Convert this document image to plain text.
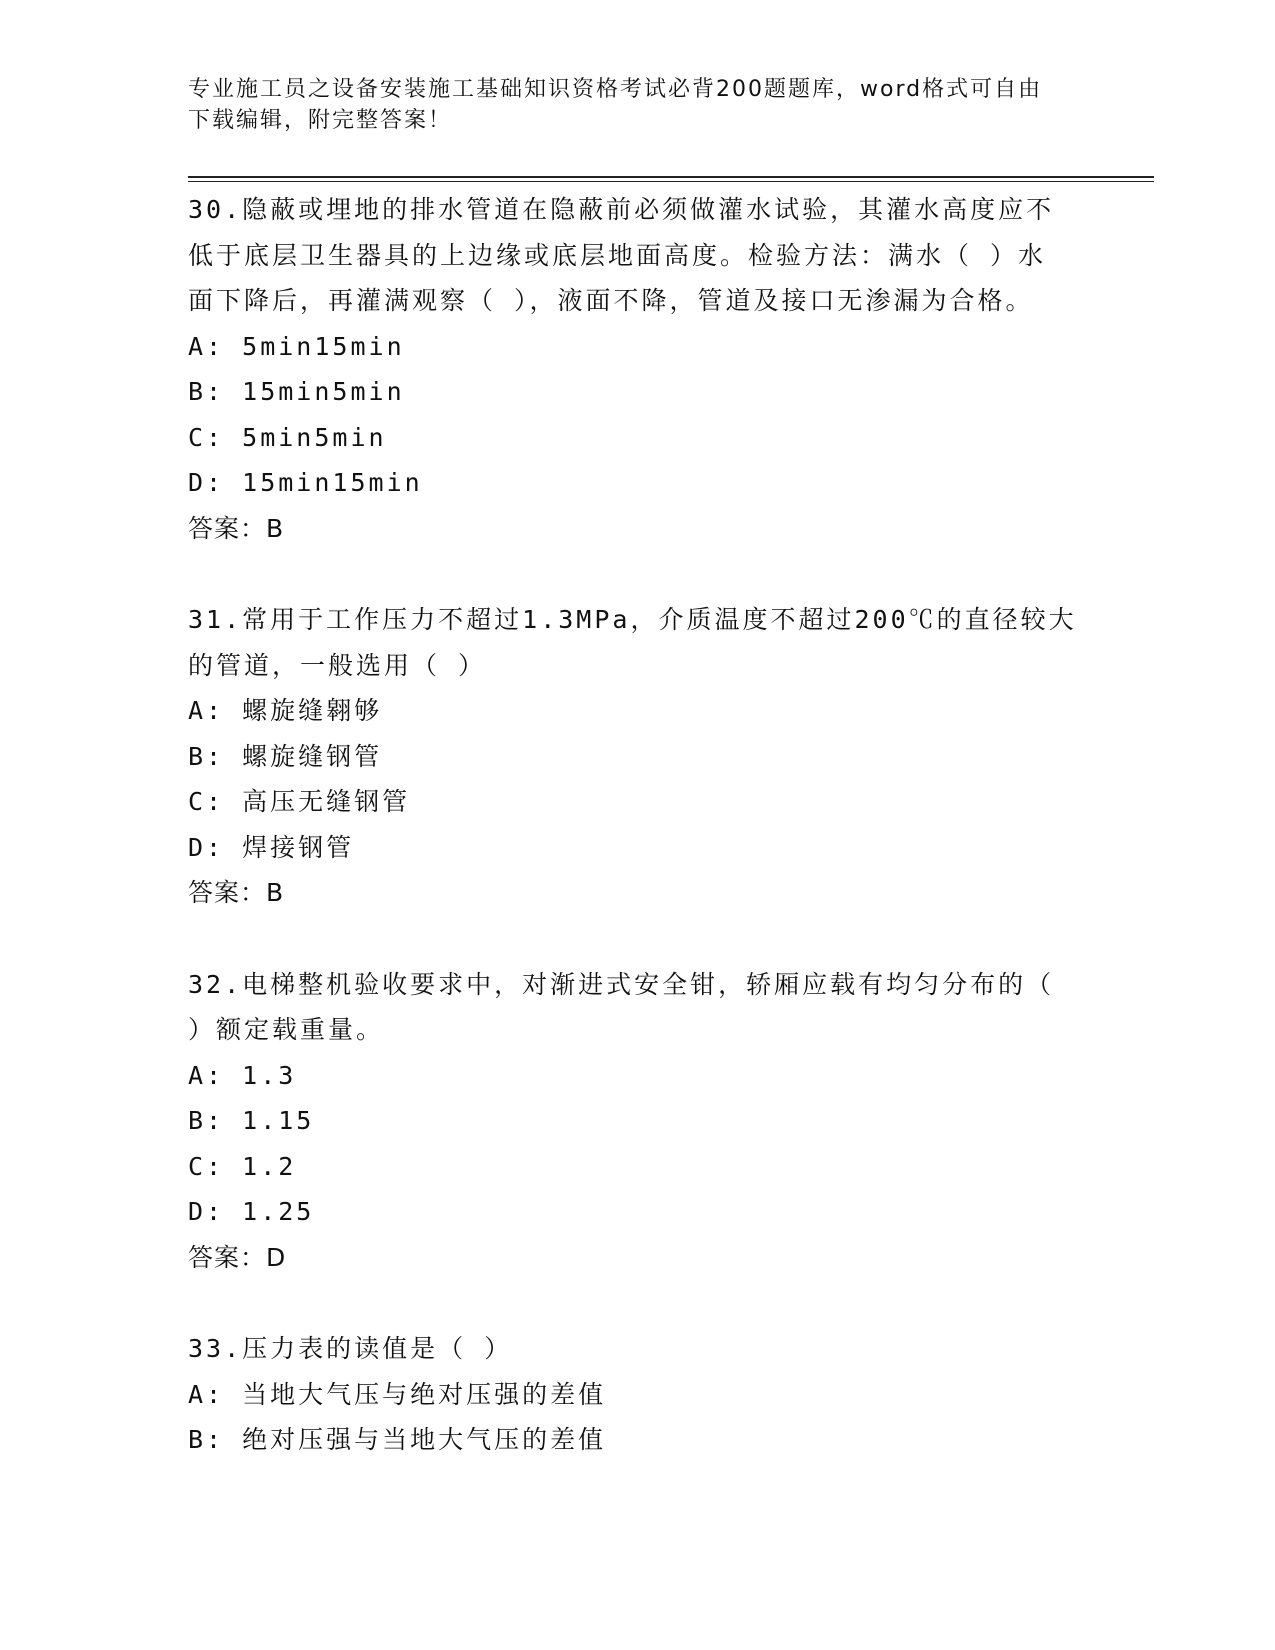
专业施工员之设备安装施工基础知识资格考试必背200题题库，word格式可自由
下载编辑，附完整答案！
30.隐蔽或埋地的排水管道在隐蔽前必须做灌水试验，其灌水高度应不
低于底层卫生器具的上边缘或底层地面高度。检验方法：满水（ ）水
面下降后，再灌满观察（ ），液面不降，管道及接口无渗漏为合格。
A: 5min15min
B: 15min5min
C: 5min5min
D: 15min15min
答案：B
31.常用于工作压力不超过1.3MPa，介质温度不超过200℃的直径较大
的管道，一般选用（ ）
A: 螺旋缝翱够
B: 螺旋缝钢管
C: 高压无缝钢管
D: 焊接钢管
答案：B
32.电梯整机验收要求中，对渐进式安全钳，轿厢应载有均匀分布的（
）额定载重量。
A: 1.3
B: 1.15
C: 1.2
D: 1.25
答案：D
33.压力表的读值是（ ）
A: 当地大气压与绝对压强的差值
B: 绝对压强与当地大气压的差值
